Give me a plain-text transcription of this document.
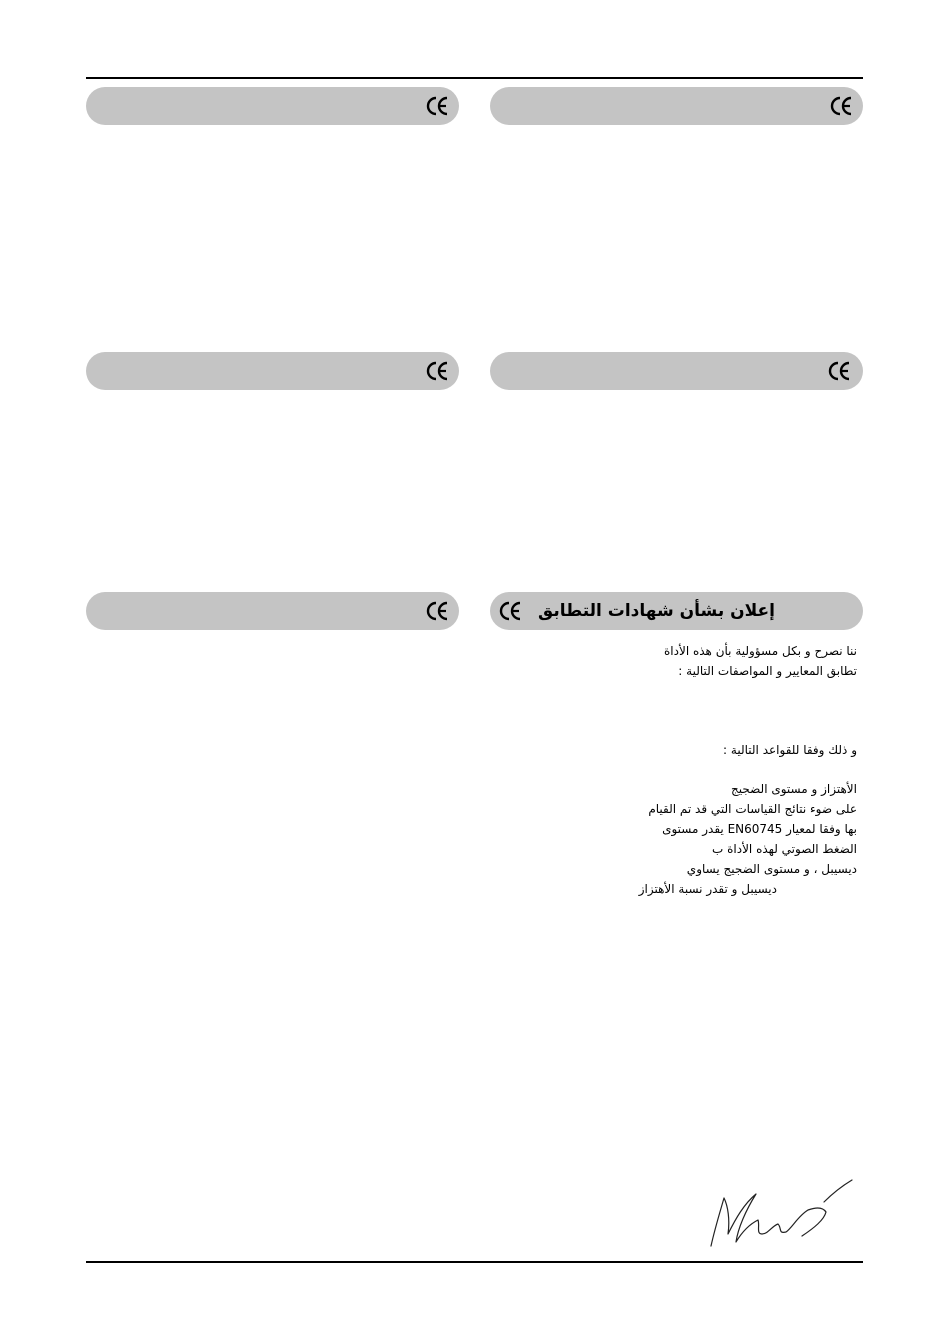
إعلان بشأن شهادات التطابق
ننا نصرح و بكل مسؤولية بأن هذه الأداة
تطابق المعايير و المواصفات التالية :
و ذلك وفقا للقواعد التالية :
الأهتزاز و مستوى الضجيج
على ضوء نتائج القياسات التي قد تم القيام
بها وفقا لمعيار EN60745 يقدر مستوى
الضغط الصوتي لهذه الأداة ب
ديسيبل ، و مستوى الضجيج يساوي
ديسيبل و تقدر نسبة الأهتزاز
